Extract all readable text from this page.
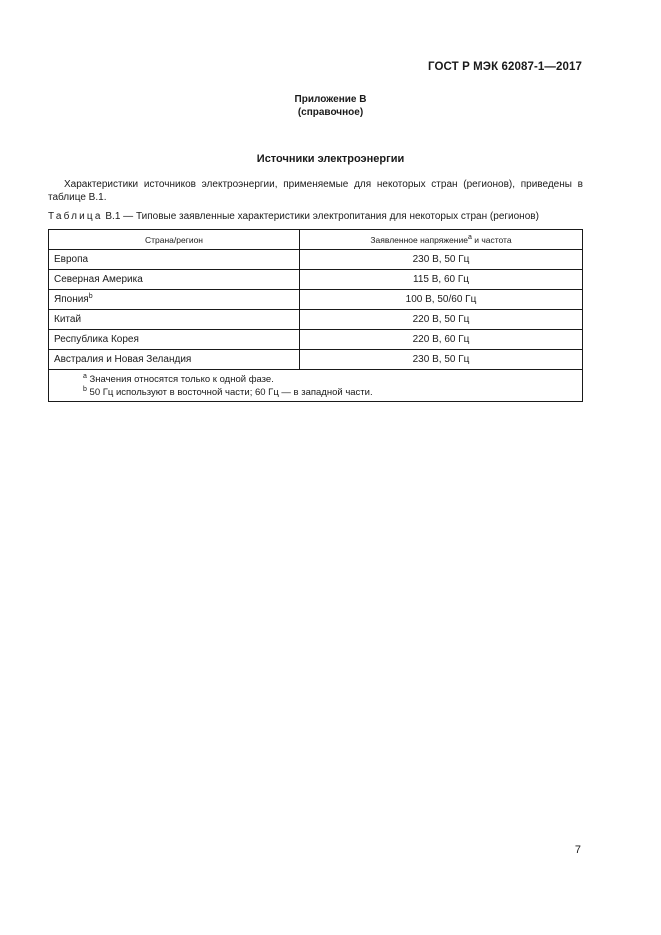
ГОСТ Р МЭК 62087-1—2017
Приложение В
(справочное)
Источники электроэнергии

Характеристики источников электроэнергии, применяемые для некоторых стран (регионов), приведены в таблице В.1.

Таблица В.1 — Типовые заявленные характеристики электропитания для некоторых стран (регионов)
Страна/регион	Заявленное напряжение$^a$ и частота
Европа	230 В, 50 Гц
Северная Америка	115 В, 60 Гц
Япония$^b$	100 В, 50/60 Гц
Китай	220 В, 50 Гц
Республика Корея	220 В, 60 Гц
Австралия и Новая Зеландия	230 В, 50 Гц

$^a$ Значения относятся только к одной фазе.
$^b$ 50 Гц используют в восточной части; 60 Гц — в западной части.	
7
